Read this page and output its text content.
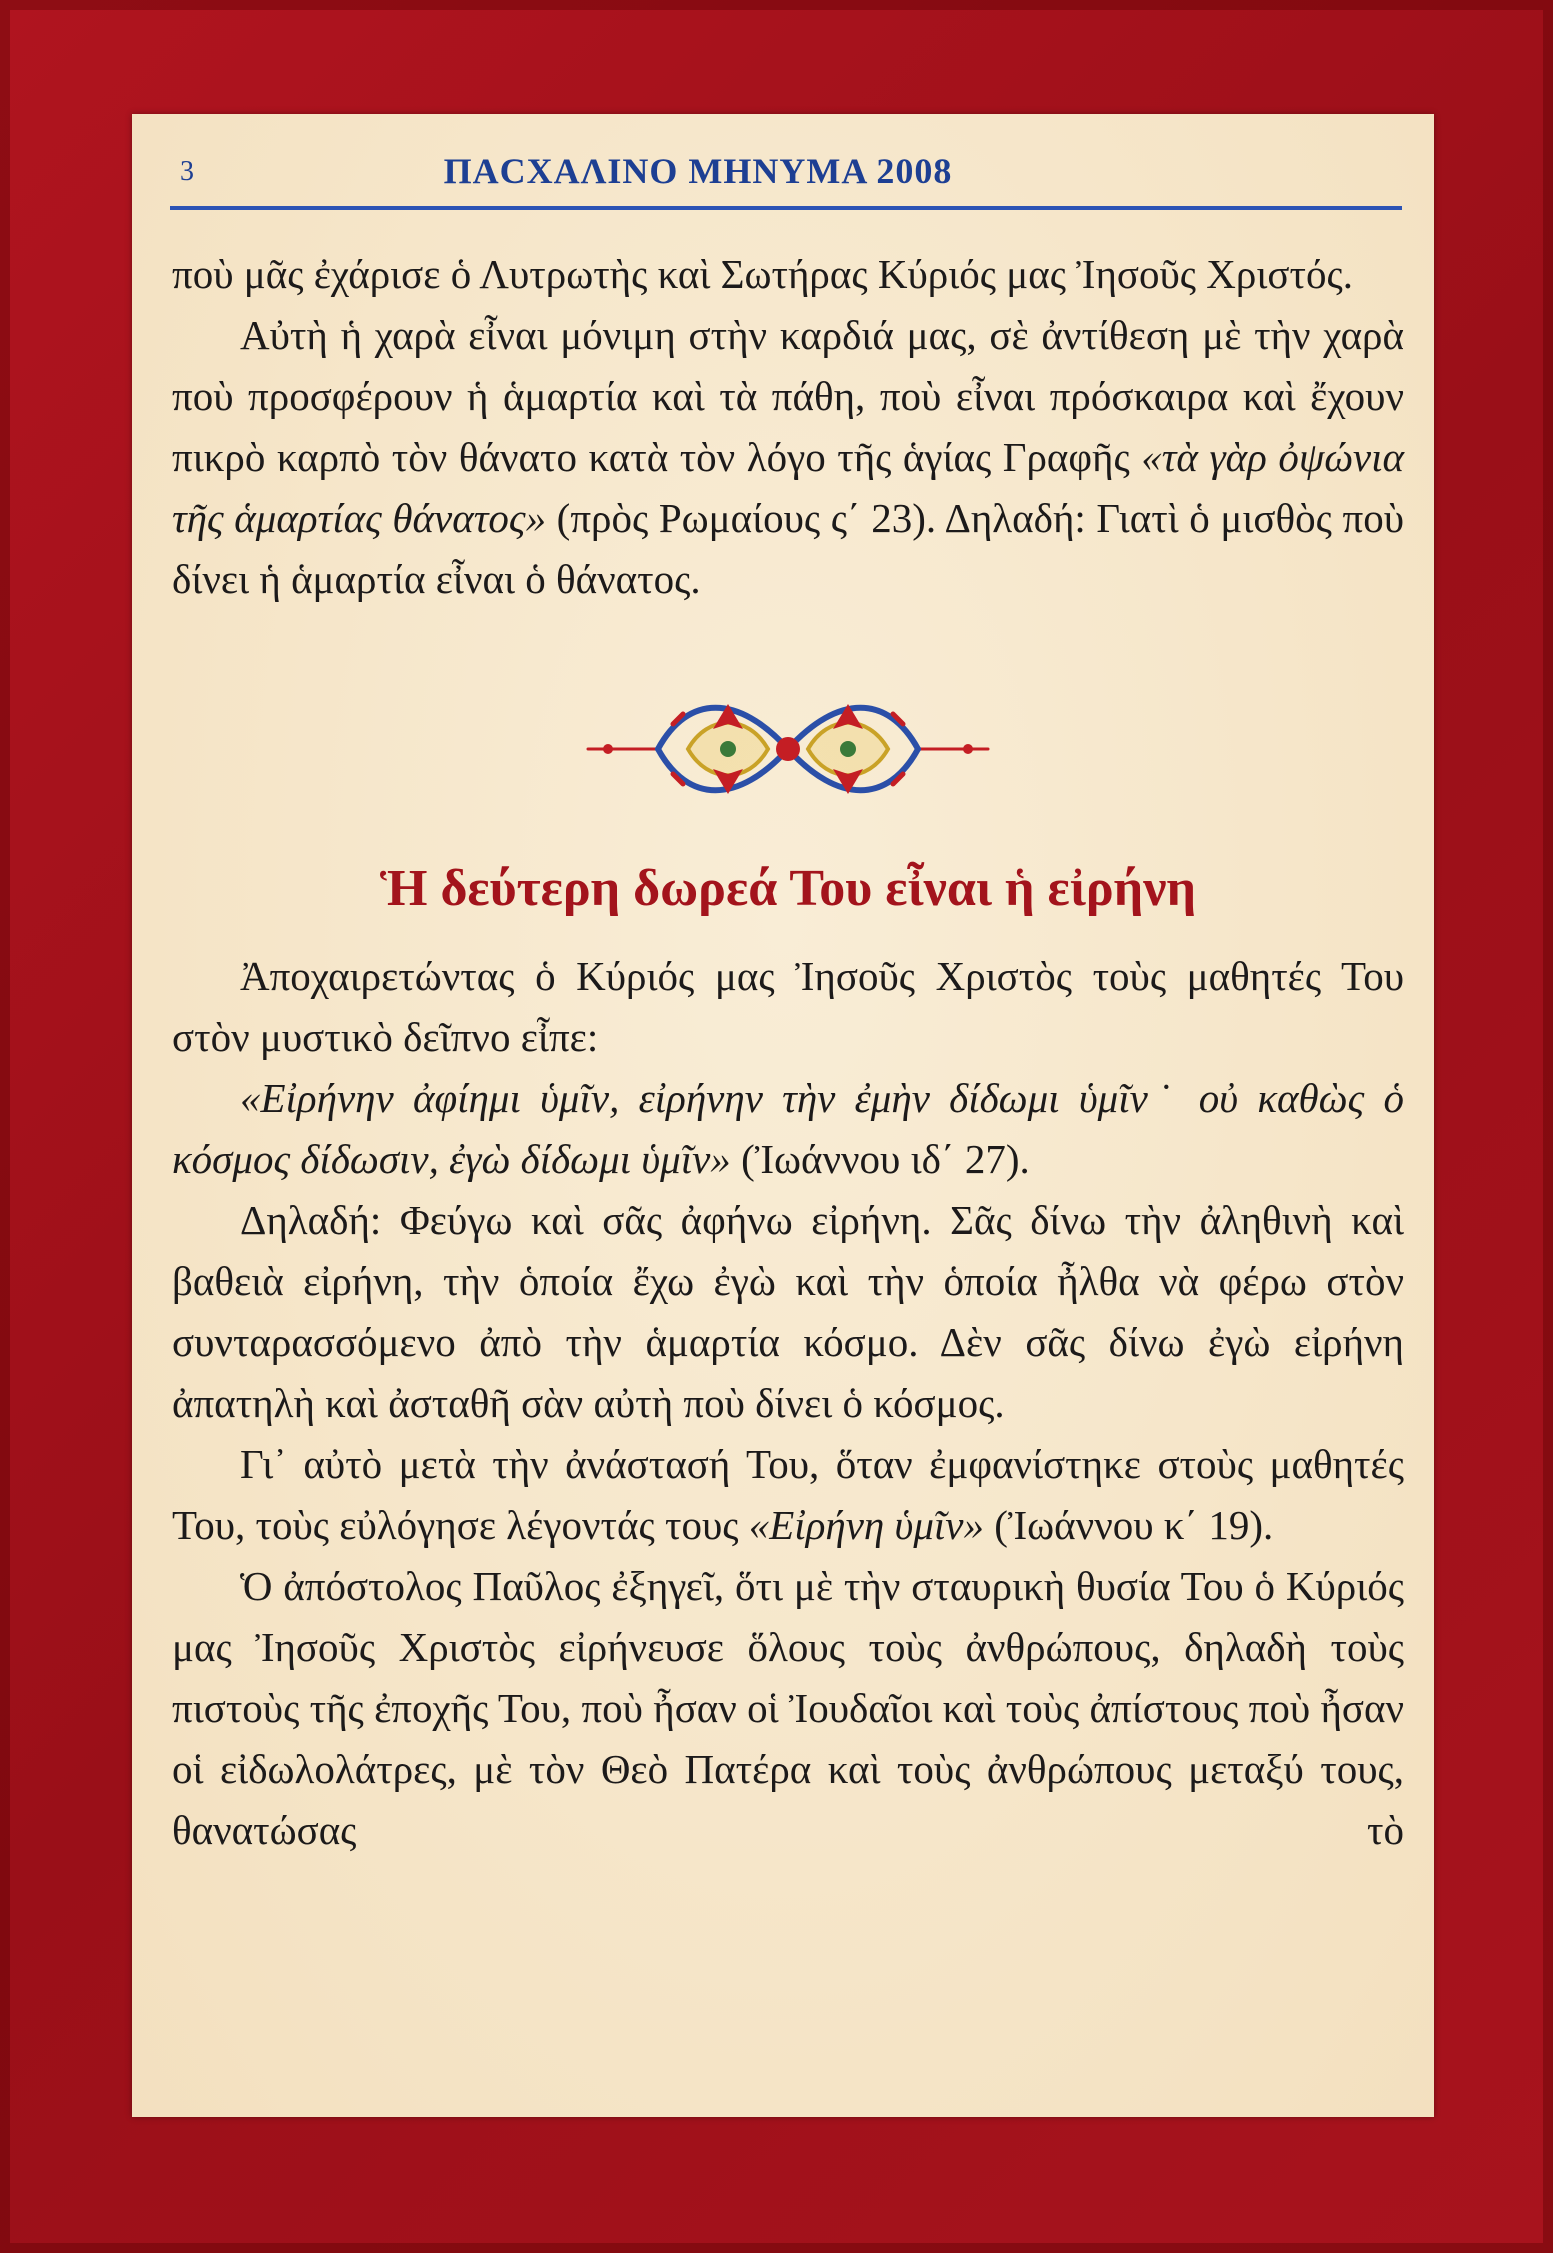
3	ΠΑCΧΑΛΙΝΟ ΜΗΝΥΜΑ 2008

ποὺ μᾶς ἐχάρισε ὁ Λυτρωτὴς καὶ Σωτήρας Κύριός μας Ἰησοῦς Χριστός.

Αὐτὴ ἡ χαρὰ εἶναι μόνιμη στὴν καρδιά μας, σὲ ἀντίθεση μὲ τὴν χαρὰ ποὺ προσφέρουν ἡ ἁμαρτία καὶ τὰ πάθη, ποὺ εἶναι πρόσκαιρα καὶ ἔχουν πικρὸ καρπὸ τὸν θάνατο κατὰ τὸν λόγο τῆς ἁγίας Γραφῆς «τὰ γὰρ ὀψώνια τῆς ἁμαρτίας θάνατος» (πρὸς Ρωμαίους ς΄ 23). Δηλαδή: Γιατὶ ὁ μισθὸς ποὺ δίνει ἡ ἁμαρτία εἶναι ὁ θάνατος.

Ἡ δεύτερη δωρεά Του εἶναι ἡ εἰρήνη

Ἀποχαιρετώντας ὁ Κύριός μας Ἰησοῦς Χριστὸς τοὺς μαθητές Του στὸν μυστικὸ δεῖπνο εἶπε:

«Εἰρήνην ἀφίημι ὑμῖν, εἰρήνην τὴν ἐμὴν δίδωμι ὑμῖν˙ οὐ καθὼς ὁ κόσμος δίδωσιν, ἐγὼ δίδωμι ὑμῖν» (Ἰωάννου ιδ΄ 27).

Δηλαδή: Φεύγω καὶ σᾶς ἀφήνω εἰρήνη. Σᾶς δίνω τὴν ἀληθινὴ καὶ βαθειὰ εἰρήνη, τὴν ὁποία ἔχω ἐγὼ καὶ τὴν ὁποία ἦλθα νὰ φέρω στὸν συνταρασσόμενο ἀπὸ τὴν ἁμαρτία κόσμο. Δὲν σᾶς δίνω ἐγὼ εἰρήνη ἀπατηλὴ καὶ ἀσταθῆ σὰν αὐτὴ ποὺ δίνει ὁ κόσμος.

Γι᾿ αὐτὸ μετὰ τὴν ἀνάστασή Του, ὅταν ἐμφανίστηκε στοὺς μαθητές Του, τοὺς εὐλόγησε λέγοντάς τους «Εἰρήνη ὑμῖν» (Ἰωάννου κ΄ 19).

Ὁ ἀπόστολος Παῦλος ἐξηγεῖ, ὅτι μὲ τὴν σταυρικὴ θυσία Του ὁ Κύριός μας Ἰησοῦς Χριστὸς εἰρήνευσε ὅλους τοὺς ἀνθρώπους, δηλαδὴ τοὺς πιστοὺς τῆς ἐποχῆς Του, ποὺ ἦσαν οἱ Ἰουδαῖοι καὶ τοὺς ἀπίστους ποὺ ἦσαν οἱ εἰδωλολάτρες, μὲ τὸν Θεὸ Πατέρα καὶ τοὺς ἀνθρώπους μεταξύ τους, θανατώσας τὸ
